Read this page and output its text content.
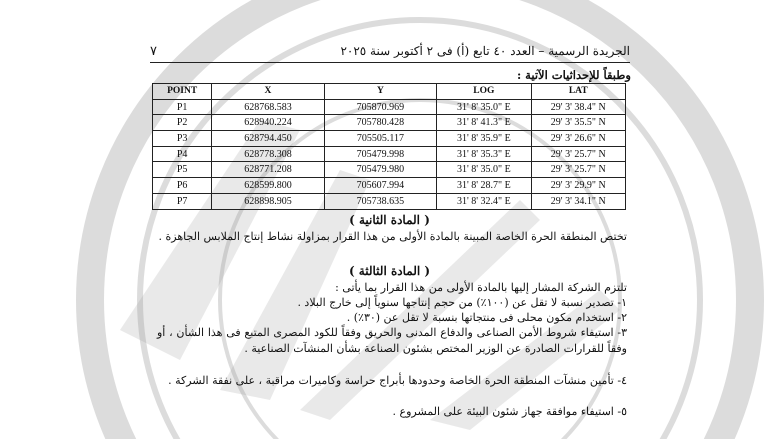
الجريدة الرسمية – العدد ٤٠ تابع (أ) فى ٢ أكتوبر سنة ٢٠٢٥
٧
وطبقاً للإحداثيات الآتية :
POINT	X	Y	LOG	LAT
P1	628768.583	705870.969	31' 8' 35.0" E	29' 3' 38.4" N
P2	628940.224	705780.428	31' 8' 41.3" E	29' 3' 35.5" N
P3	628794.450	705505.117	31' 8' 35.9" E	29' 3' 26.6" N
P4	628778.308	705479.998	31' 8' 35.3" E	29' 3' 25.7" N
P5	628771.208	705479.980	31' 8' 35.0" E	29' 3' 25.7" N
P6	628599.800	705607.994	31' 8' 28.7" E	29' 3' 29.9" N
P7	628898.905	705738.635	31' 8' 32.4" E	29' 3' 34.1" N
( المادة الثانية )
تختص المنطقة الحرة الخاصة المبينة بالمادة الأولى من هذا القرار بمزاولة نشاط إنتاج الملابس الجاهزة .
( المادة الثالثة )
تلتزم الشركة المشار إليها بالمادة الأولى من هذا القرار بما يأتى :
١- تصدير نسبة لا تقل عن (١٠٠٪) من حجم إنتاجها سنوياً إلى خارج البلاد .
٢- استخدام مكون محلى فى منتجاتها بنسبة لا تقل عن (٣٠٪) .
٣- استيفاء شروط الأمن الصناعى والدفاع المدنى والحريق وفقاً للكود المصرى المتبع فى هذا الشأن ، أو وفقاً للقرارات الصادرة عن الوزير المختص بشئون الصناعة بشأن المنشآت الصناعية .
٤- تأمين منشآت المنطقة الحرة الخاصة وحدودها بأبراج حراسة وكاميرات مراقبة ، على نفقة الشركة .
٥- استيفاء موافقة جهاز شئون البيئة على المشروع .
